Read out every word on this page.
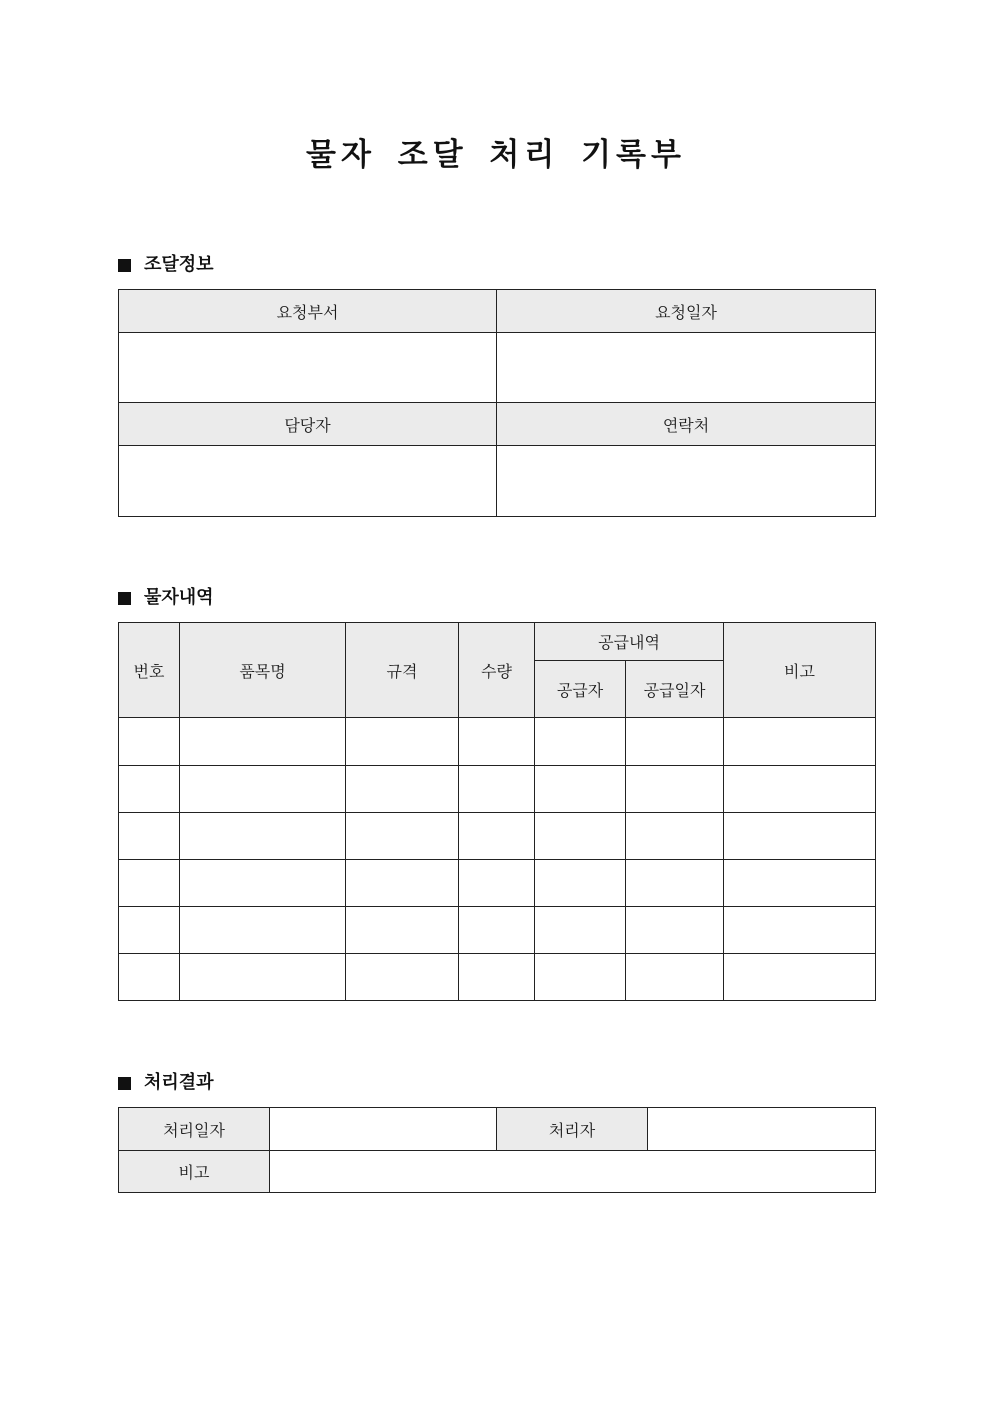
물자 조달 처리 기록부
조달정보
요청부서	요청일자

담당자	연락처

물자내역
번호	품목명	규격	수량	공급내역		비고
				공급자	공급일자	

처리결과
처리일자		처리자	
비고			
